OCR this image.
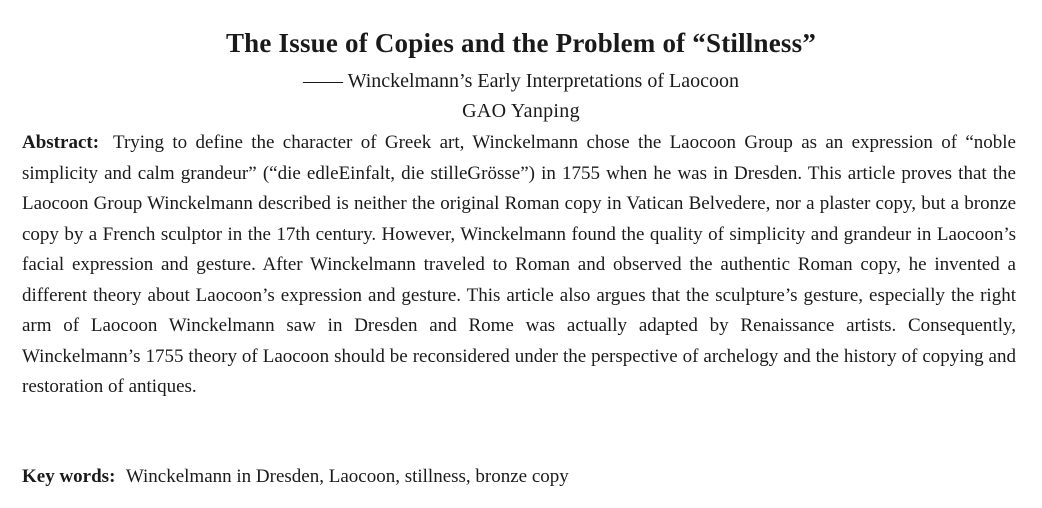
The Issue of Copies and the Problem of “Stillness”
—— Winckelmann’s Early Interpretations of Laocoon
GAO Yanping

Abstract: Trying to define the character of Greek art, Winckelmann chose the Laocoon Group as an expression of “noble simplicity and calm grandeur” (“die edleEinfalt, die stilleGrösse”) in 1755 when he was in Dresden. This article proves that the Laocoon Group Winckelmann described is neither the original Roman copy in Vatican Belvedere, nor a plaster copy, but a bronze copy by a French sculptor in the 17th century. However, Winckelmann found the quality of simplicity and grandeur in Laocoon’s facial expression and gesture. After Winckelmann traveled to Roman and observed the authentic Roman copy, he invented a different theory about Laocoon’s expression and gesture. This article also argues that the sculpture’s gesture, especially the right arm of Laocoon Winckelmann saw in Dresden and Rome was actually adapted by Renaissance artists. Consequently, Winckelmann’s 1755 theory of Laocoon should be reconsidered under the perspective of archelogy and the history of copying and restoration of antiques.

Key words: Winckelmann in Dresden, Laocoon, stillness, bronze copy
